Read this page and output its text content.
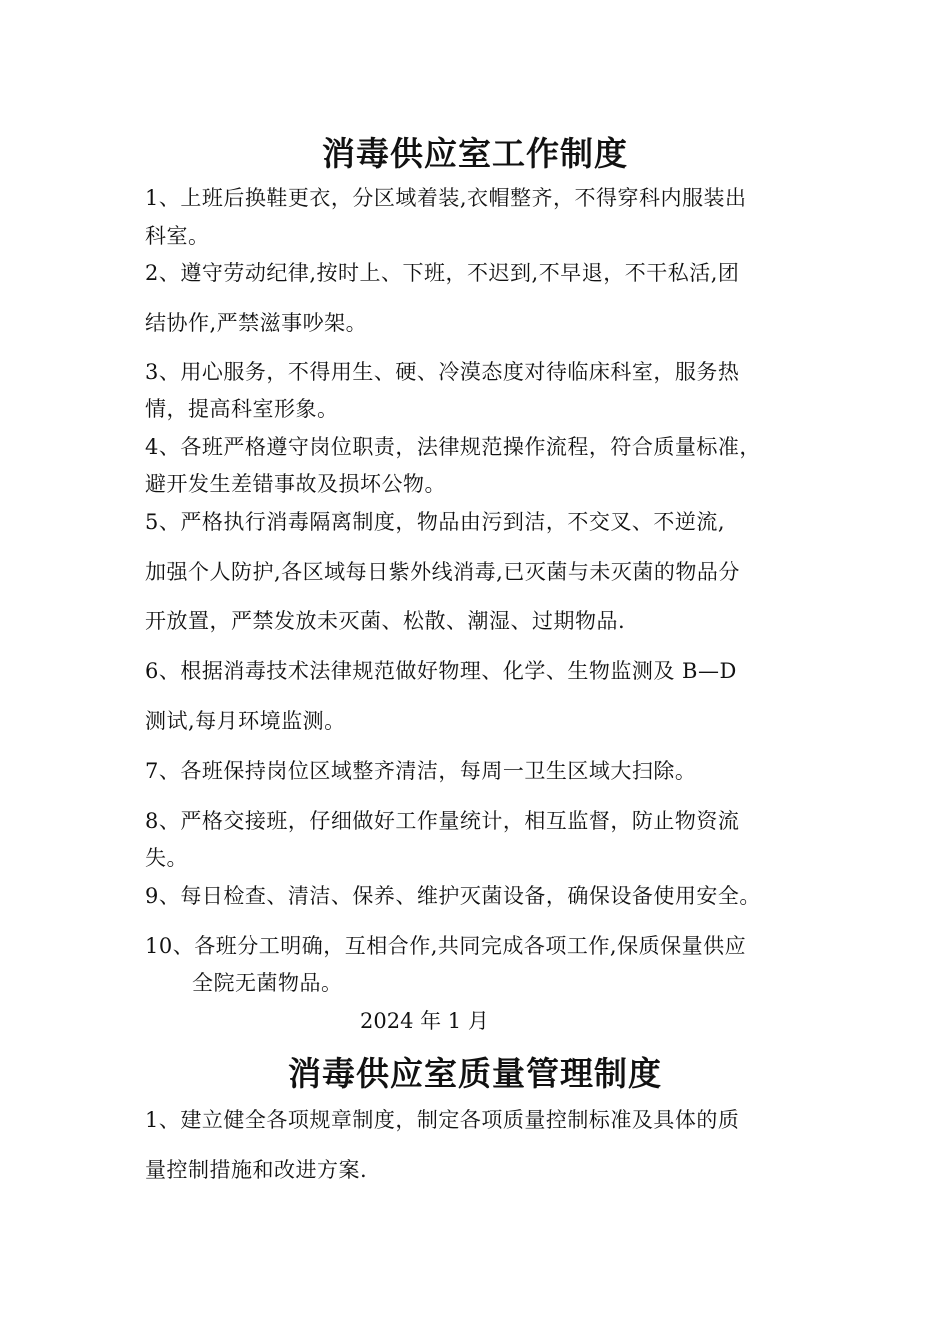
消毒供应室工作制度
1、上班后换鞋更衣，分区域着装,衣帽整齐，不得穿科内服装出
科室。
2、遵守劳动纪律,按时上、下班，不迟到,不早退，不干私活,团
结协作,严禁滋事吵架。
3、用心服务，不得用生、硬、冷漠态度对待临床科室，服务热
情，提高科室形象。
4、各班严格遵守岗位职责，法律规范操作流程，符合质量标准，
避开发生差错事故及损坏公物。
5、严格执行消毒隔离制度，物品由污到洁，不交叉、不逆流,
加强个人防护,各区域每日紫外线消毒,已灭菌与未灭菌的物品分
开放置，严禁发放未灭菌、松散、潮湿、过期物品.
6、根据消毒技术法律规范做好物理、化学、生物监测及 B—D
测试,每月环境监测。
7、各班保持岗位区域整齐清洁，每周一卫生区域大扫除。
8、严格交接班，仔细做好工作量统计，相互监督，防止物资流
失。
9、每日检查、清洁、保养、维护灭菌设备，确保设备使用安全。
10、各班分工明确，互相合作,共同完成各项工作,保质保量供应
全院无菌物品。
2024 年 1 月
消毒供应室质量管理制度
1、建立健全各项规章制度，制定各项质量控制标准及具体的质
量控制措施和改进方案.
